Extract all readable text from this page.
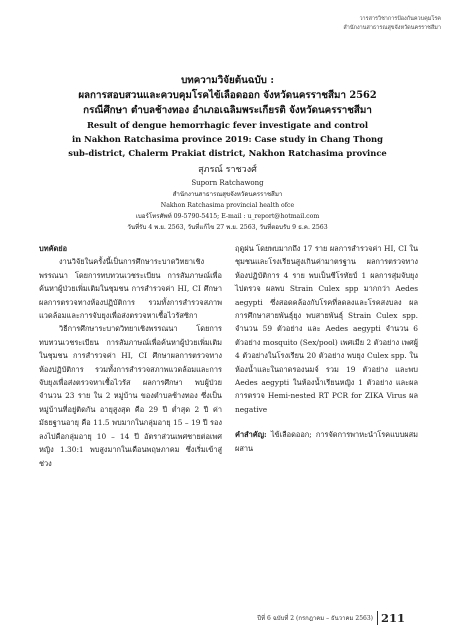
วารสารวิชาการป้องกันควบคุมโรค
สำนักงานสาธารณสุขจังหวัดนครราชสีมา
บทความวิจัยต้นฉบับ :
ผลการสอบสวนและควบคุมโรคไข้เลือดออก จังหวัดนครราชสีมา 2562
กรณีศึกษา ตำบลช้างทอง อำเภอเฉลิมพระเกียรติ จังหวัดนครราชสีมา
Result of dengue hemorrhagic fever investigate and control
in Nakhon Ratchasima province 2019: Case study in Chang Thong
sub-district, Chalerm Prakiat district, Nakhon Ratchasima province
สุภรณ์ ราชวงศ์
Suporn Ratchawong
สำนักงานสาธารณสุขจังหวัดนครราชสีมา
Nakhon Ratchasima provincial health ofce
เบอร์โทรศัพท์ 09-5790-5415; E-mail : u_report@hotmail.com
วันที่รับ 4 พ.ย. 2563, วันที่แก้ไข 27 พ.ย. 2563, วันที่ตอบรับ 9 ธ.ค. 2563

บทคัดย่อ

งานวิจัยในครั้งนี้เป็นการศึกษาระบาดวิทยาเชิงพรรณนา โดยการทบทวนเวชระเบียน การสัมภาษณ์เพื่อค้นหาผู้ป่วยเพิ่มเติมในชุมชน การสำรวจค่า HI, CI ศึกษาผลการตรวจทางห้องปฏิบัติการ รวมทั้งการสำรวจสภาพแวดล้อมและการจับยุงเพื่อส่งตรวจหาเชื้อไวรัสซิกา

วิธีการศึกษาระบาดวิทยาเชิงพรรณนา โดยการทบทวนเวชระเบียน การสัมภาษณ์เพื่อค้นหาผู้ป่วยเพิ่มเติมในชุมชน การสำรวจค่า HI, CI ศึกษาผลการตรวจทางห้องปฏิบัติการ รวมทั้งการสำรวจสภาพแวดล้อมและการจับยุงเพื่อส่งตรวจหาเชื้อไวรัส ผลการศึกษา พบผู้ป่วยจำนวน 23 ราย ใน 2 หมู่บ้าน ของตำบลช้างทอง ซึ่งเป็นหมู่บ้านที่อยู่ติดกัน อายุสูงสุด คือ 29 ปี ต่ำสุด 2 ปี ค่ามัธยฐานอายุ คือ 11.5 พบมากในกลุ่มอายุ 15 – 19 ปี รองลงไปคือกลุ่มอายุ 10 – 14 ปี อัตราส่วนเพศชายต่อเพศหญิง 1.30:1 พบสูงมากในเดือนพฤษภาคม ซึ่งเริ่มเข้าสู่ช่วง

ฤดูฝน โดยพบมากถึง 17 ราย ผลการสำรวจค่า HI, CI ในชุมชนและโรงเรียนสูงเกินค่ามาตรฐาน ผลการตรวจทางห้องปฏิบัติการ 4 ราย พบเป็นซีโรทัยป์ 1 ผลการสุ่มจับยุงไปตรวจ ผลพบ Strain Culex spp มากกว่า Aedes aegypti ซึ่งสอดคล้องกับโรคที่ลดลงและโรคสงบลง ผลการศึกษาสายพันธุ์ยุง พบสายพันธุ์ Strain Culex spp. จำนวน 59 ตัวอย่าง และ Aedes aegypti จำนวน 6 ตัวอย่าง mosquito (Sex/pool) เพศเมีย 2 ตัวอย่าง เพศผู้ 4 ตัวอย่างในโรงเรียน 20 ตัวอย่าง พบยุง Culex spp. ในห้องน้ำและในถาดรองนมจ์ รวม 19 ตัวอย่าง และพบ Aedes aegypti ในห้องน้ำเรียนหญิง 1 ตัวอย่าง และผลการตรวจ Hemi-nested RT PCR for ZIKA Virus ผล negative

คำสำคัญ: ไข้เลือดออก; การจัดการพาหะนำโรคแบบผสมผสาน

ปีที่ 6 ฉบับที่ 2 (กรกฎาคม – ธันวาคม 2563) 211
